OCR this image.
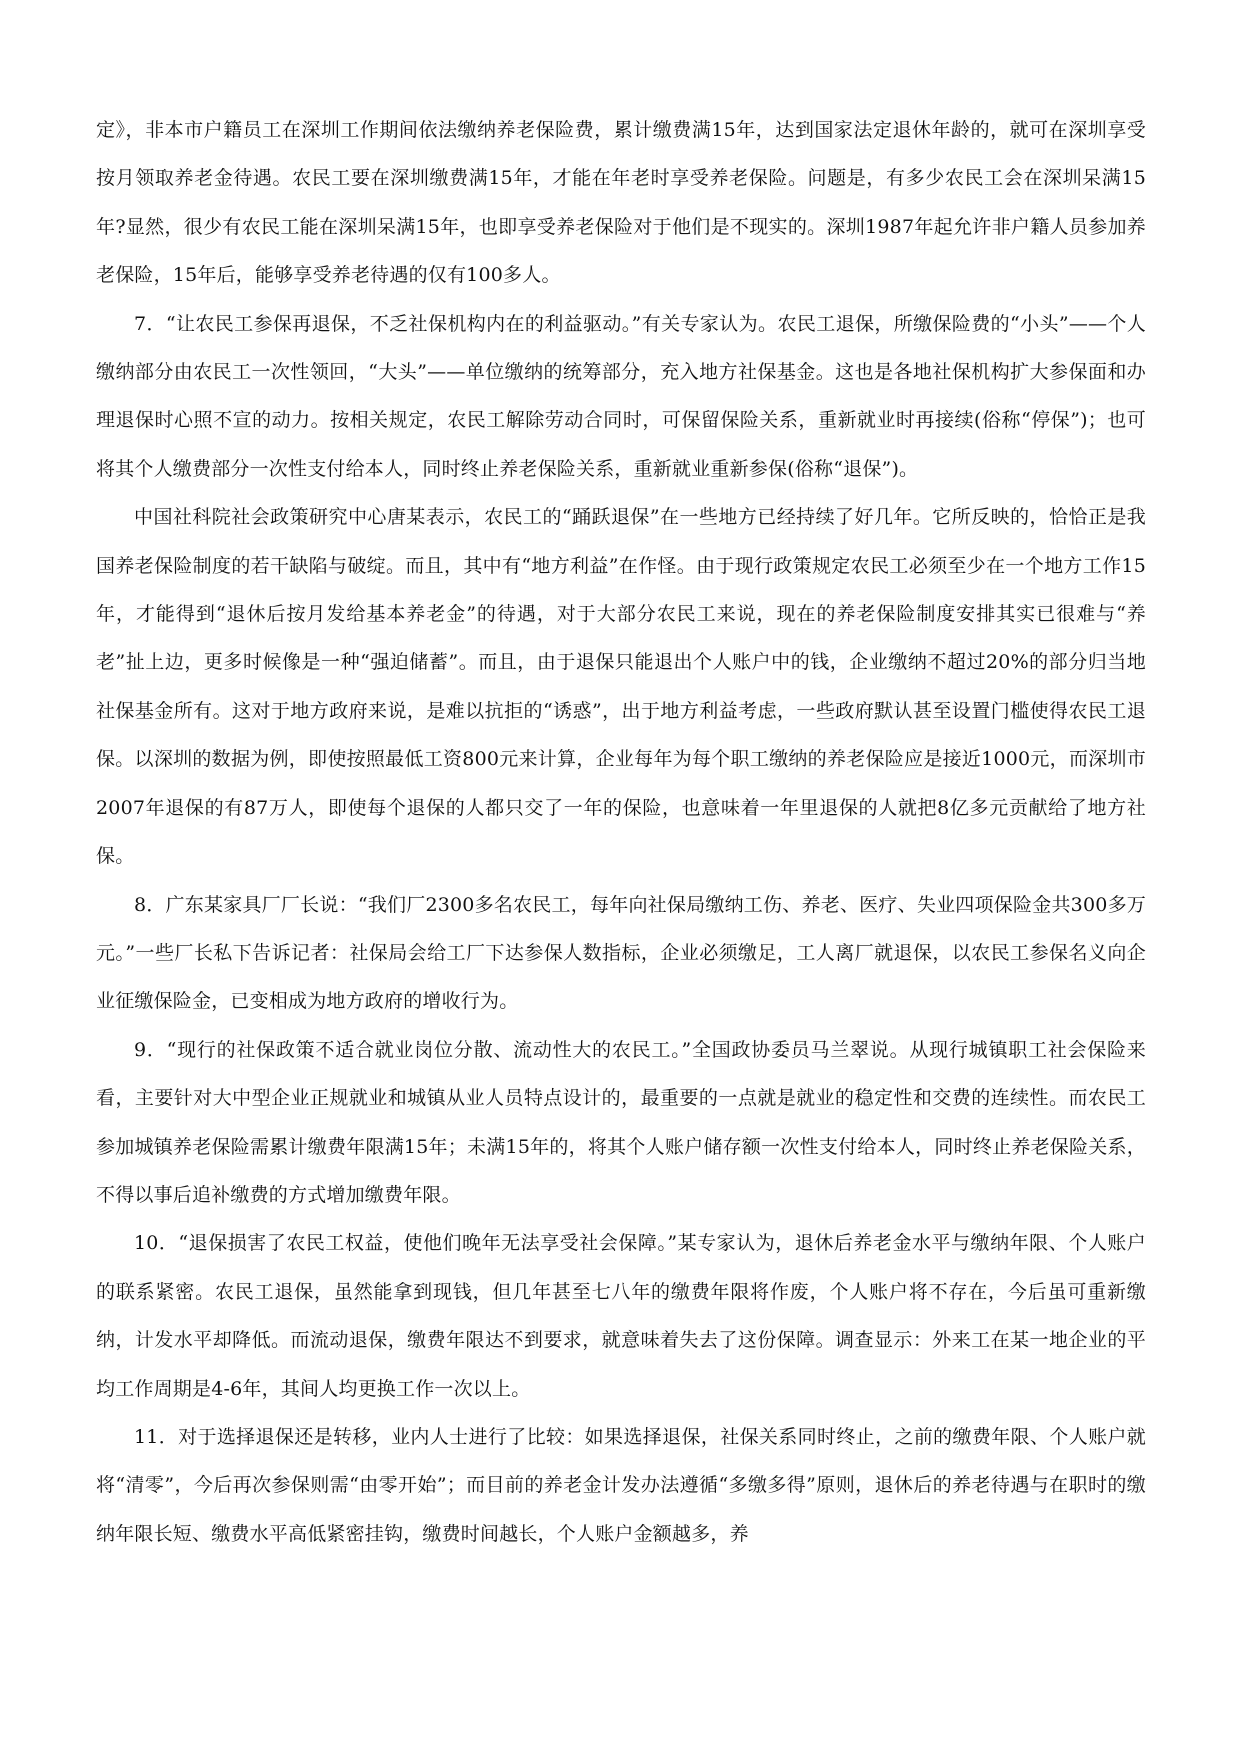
定》，非本市户籍员工在深圳工作期间依法缴纳养老保险费，累计缴费满15年，达到国家法定退休年龄的，就可在深圳享受按月领取养老金待遇。农民工要在深圳缴费满15年，才能在年老时享受养老保险。问题是，有多少农民工会在深圳呆满15年?显然，很少有农民工能在深圳呆满15年，也即享受养老保险对于他们是不现实的。深圳1987年起允许非户籍人员参加养老保险，15年后，能够享受养老待遇的仅有100多人。

7．“让农民工参保再退保，不乏社保机构内在的利益驱动。”有关专家认为。农民工退保，所缴保险费的“小头”——个人缴纳部分由农民工一次性领回，“大头”——单位缴纳的统筹部分，充入地方社保基金。这也是各地社保机构扩大参保面和办理退保时心照不宣的动力。按相关规定，农民工解除劳动合同时，可保留保险关系，重新就业时再接续(俗称“停保”)；也可将其个人缴费部分一次性支付给本人，同时终止养老保险关系，重新就业重新参保(俗称“退保”)。

中国社科院社会政策研究中心唐某表示，农民工的“踊跃退保”在一些地方已经持续了好几年。它所反映的，恰恰正是我国养老保险制度的若干缺陷与破绽。而且，其中有“地方利益”在作怪。由于现行政策规定农民工必须至少在一个地方工作15年，才能得到“退休后按月发给基本养老金”的待遇，对于大部分农民工来说，现在的养老保险制度安排其实已很难与“养老”扯上边，更多时候像是一种“强迫储蓄”。而且，由于退保只能退出个人账户中的钱，企业缴纳不超过20%的部分归当地社保基金所有。这对于地方政府来说，是难以抗拒的“诱惑”，出于地方利益考虑，一些政府默认甚至设置门槛使得农民工退保。以深圳的数据为例，即使按照最低工资800元来计算，企业每年为每个职工缴纳的养老保险应是接近1000元，而深圳市2007年退保的有87万人，即使每个退保的人都只交了一年的保险，也意味着一年里退保的人就把8亿多元贡献给了地方社保。

8．广东某家具厂厂长说：“我们厂2300多名农民工，每年向社保局缴纳工伤、养老、医疗、失业四项保险金共300多万元。”一些厂长私下告诉记者：社保局会给工厂下达参保人数指标，企业必须缴足，工人离厂就退保，以农民工参保名义向企业征缴保险金，已变相成为地方政府的增收行为。

9．“现行的社保政策不适合就业岗位分散、流动性大的农民工。”全国政协委员马兰翠说。从现行城镇职工社会保险来看，主要针对大中型企业正规就业和城镇从业人员特点设计的，最重要的一点就是就业的稳定性和交费的连续性。而农民工参加城镇养老保险需累计缴费年限满15年；未满15年的，将其个人账户储存额一次性支付给本人，同时终止养老保险关系，不得以事后追补缴费的方式增加缴费年限。

10．“退保损害了农民工权益，使他们晚年无法享受社会保障。”某专家认为，退休后养老金水平与缴纳年限、个人账户的联系紧密。农民工退保，虽然能拿到现钱，但几年甚至七八年的缴费年限将作废，个人账户将不存在，今后虽可重新缴纳，计发水平却降低。而流动退保，缴费年限达不到要求，就意味着失去了这份保障。调查显示：外来工在某一地企业的平均工作周期是4-6年，其间人均更换工作一次以上。

11．对于选择退保还是转移，业内人士进行了比较：如果选择退保，社保关系同时终止，之前的缴费年限、个人账户就将“清零”，今后再次参保则需“由零开始”；而目前的养老金计发办法遵循“多缴多得”原则，退休后的养老待遇与在职时的缴纳年限长短、缴费水平高低紧密挂钩，缴费时间越长，个人账户金额越多，养
